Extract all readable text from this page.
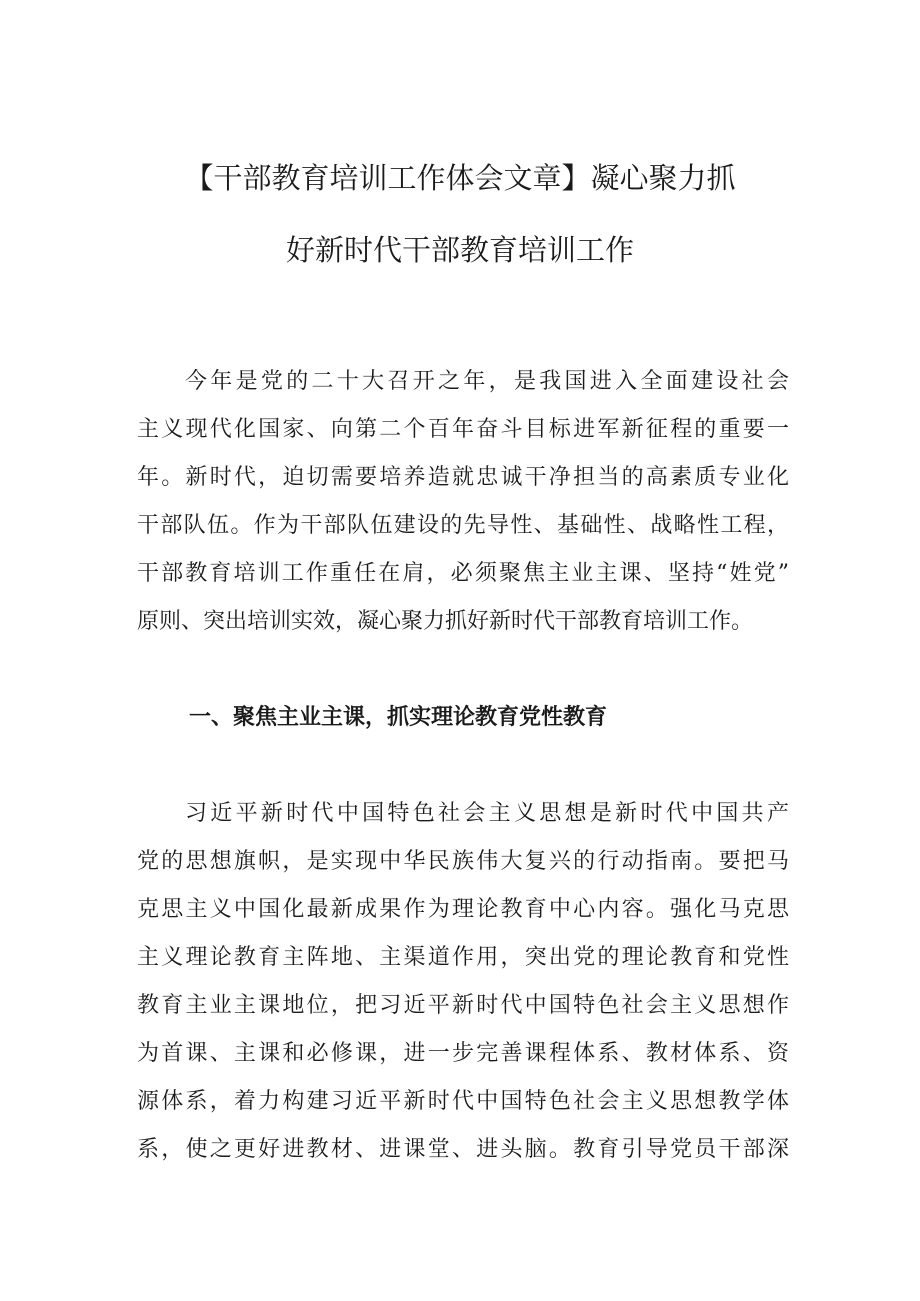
【干部教育培训工作体会文章】凝心聚力抓
好新时代干部教育培训工作
今年是党的二十大召开之年，是我国进入全面建设社会
主义现代化国家、向第二个百年奋斗目标进军新征程的重要一
年。新时代，迫切需要培养造就忠诚干净担当的高素质专业化
干部队伍。作为干部队伍建设的先导性、基础性、战略性工程，
干部教育培训工作重任在肩，必须聚焦主业主课、坚持“姓党”
原则、突出培训实效，凝心聚力抓好新时代干部教育培训工作。
一、聚焦主业主课，抓实理论教育党性教育
习近平新时代中国特色社会主义思想是新时代中国共产
党的思想旗帜，是实现中华民族伟大复兴的行动指南。要把马
克思主义中国化最新成果作为理论教育中心内容。强化马克思
主义理论教育主阵地、主渠道作用，突出党的理论教育和党性
教育主业主课地位，把习近平新时代中国特色社会主义思想作
为首课、主课和必修课，进一步完善课程体系、教材体系、资
源体系，着力构建习近平新时代中国特色社会主义思想教学体
系，使之更好进教材、进课堂、进头脑。教育引导党员干部深
